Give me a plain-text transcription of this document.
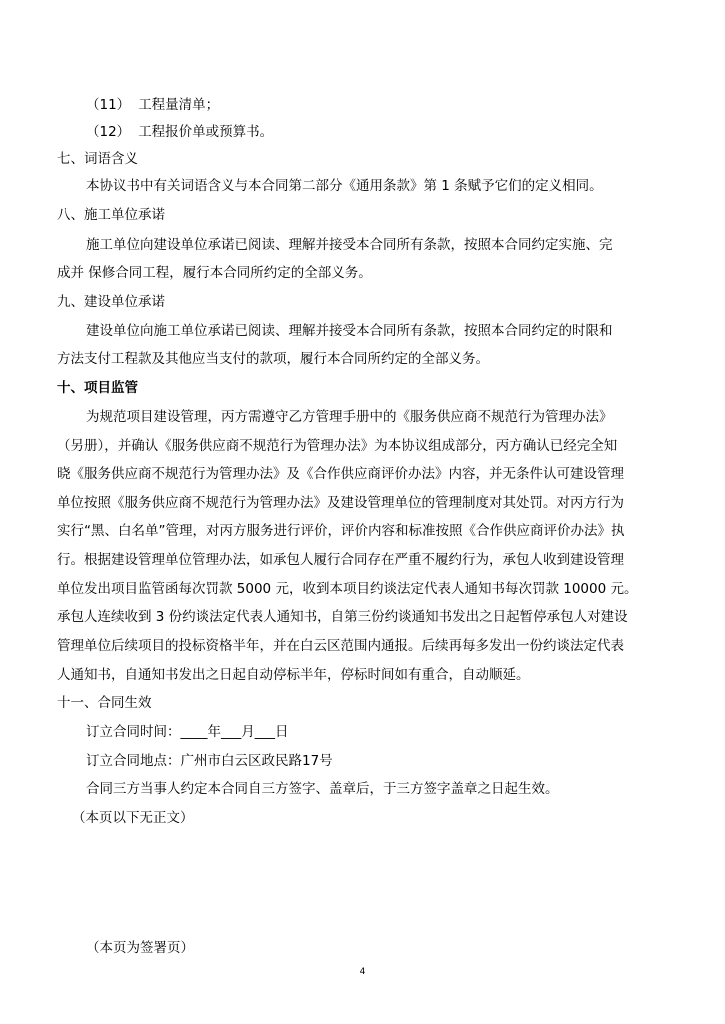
（11） 工程量清单；
（12） 工程报价单或预算书。
七、词语含义
本协议书中有关词语含义与本合同第二部分《通用条款》第 1 条赋予它们的定义相同。
八、施工单位承诺
施工单位向建设单位承诺已阅读、理解并接受本合同所有条款，按照本合同约定实施、完
成并 保修合同工程，履行本合同所约定的全部义务。
九、建设单位承诺
建设单位向施工单位承诺已阅读、理解并接受本合同所有条款，按照本合同约定的时限和
方法支付工程款及其他应当支付的款项，履行本合同所约定的全部义务。
十、项目监管
为规范项目建设管理，丙方需遵守乙方管理手册中的《服务供应商不规范行为管理办法》
（另册），并确认《服务供应商不规范行为管理办法》为本协议组成部分，丙方确认已经完全知
晓《服务供应商不规范行为管理办法》及《合作供应商评价办法》内容，并无条件认可建设管理
单位按照《服务供应商不规范行为管理办法》及建设管理单位的管理制度对其处罚。对丙方行为
实行“黑、白名单”管理，对丙方服务进行评价，评价内容和标准按照《合作供应商评价办法》执
行。根据建设管理单位管理办法，如承包人履行合同存在严重不履约行为，承包人收到建设管理
单位发出项目监管函每次罚款 5000 元，收到本项目约谈法定代表人通知书每次罚款 10000 元。
承包人连续收到 3 份约谈法定代表人通知书，自第三份约谈通知书发出之日起暂停承包人对建设
管理单位后续项目的投标资格半年，并在白云区范围内通报。后续再每多发出一份约谈法定代表
人通知书，自通知书发出之日起自动停标半年，停标时间如有重合，自动顺延。
十一、合同生效
订立合同时间：____年___月___日
订立合同地点：广州市白云区政民路17号
合同三方当事人约定本合同自三方签字、盖章后，于三方签字盖章之日起生效。
（本页以下无正文）
（本页为签署页）
4
